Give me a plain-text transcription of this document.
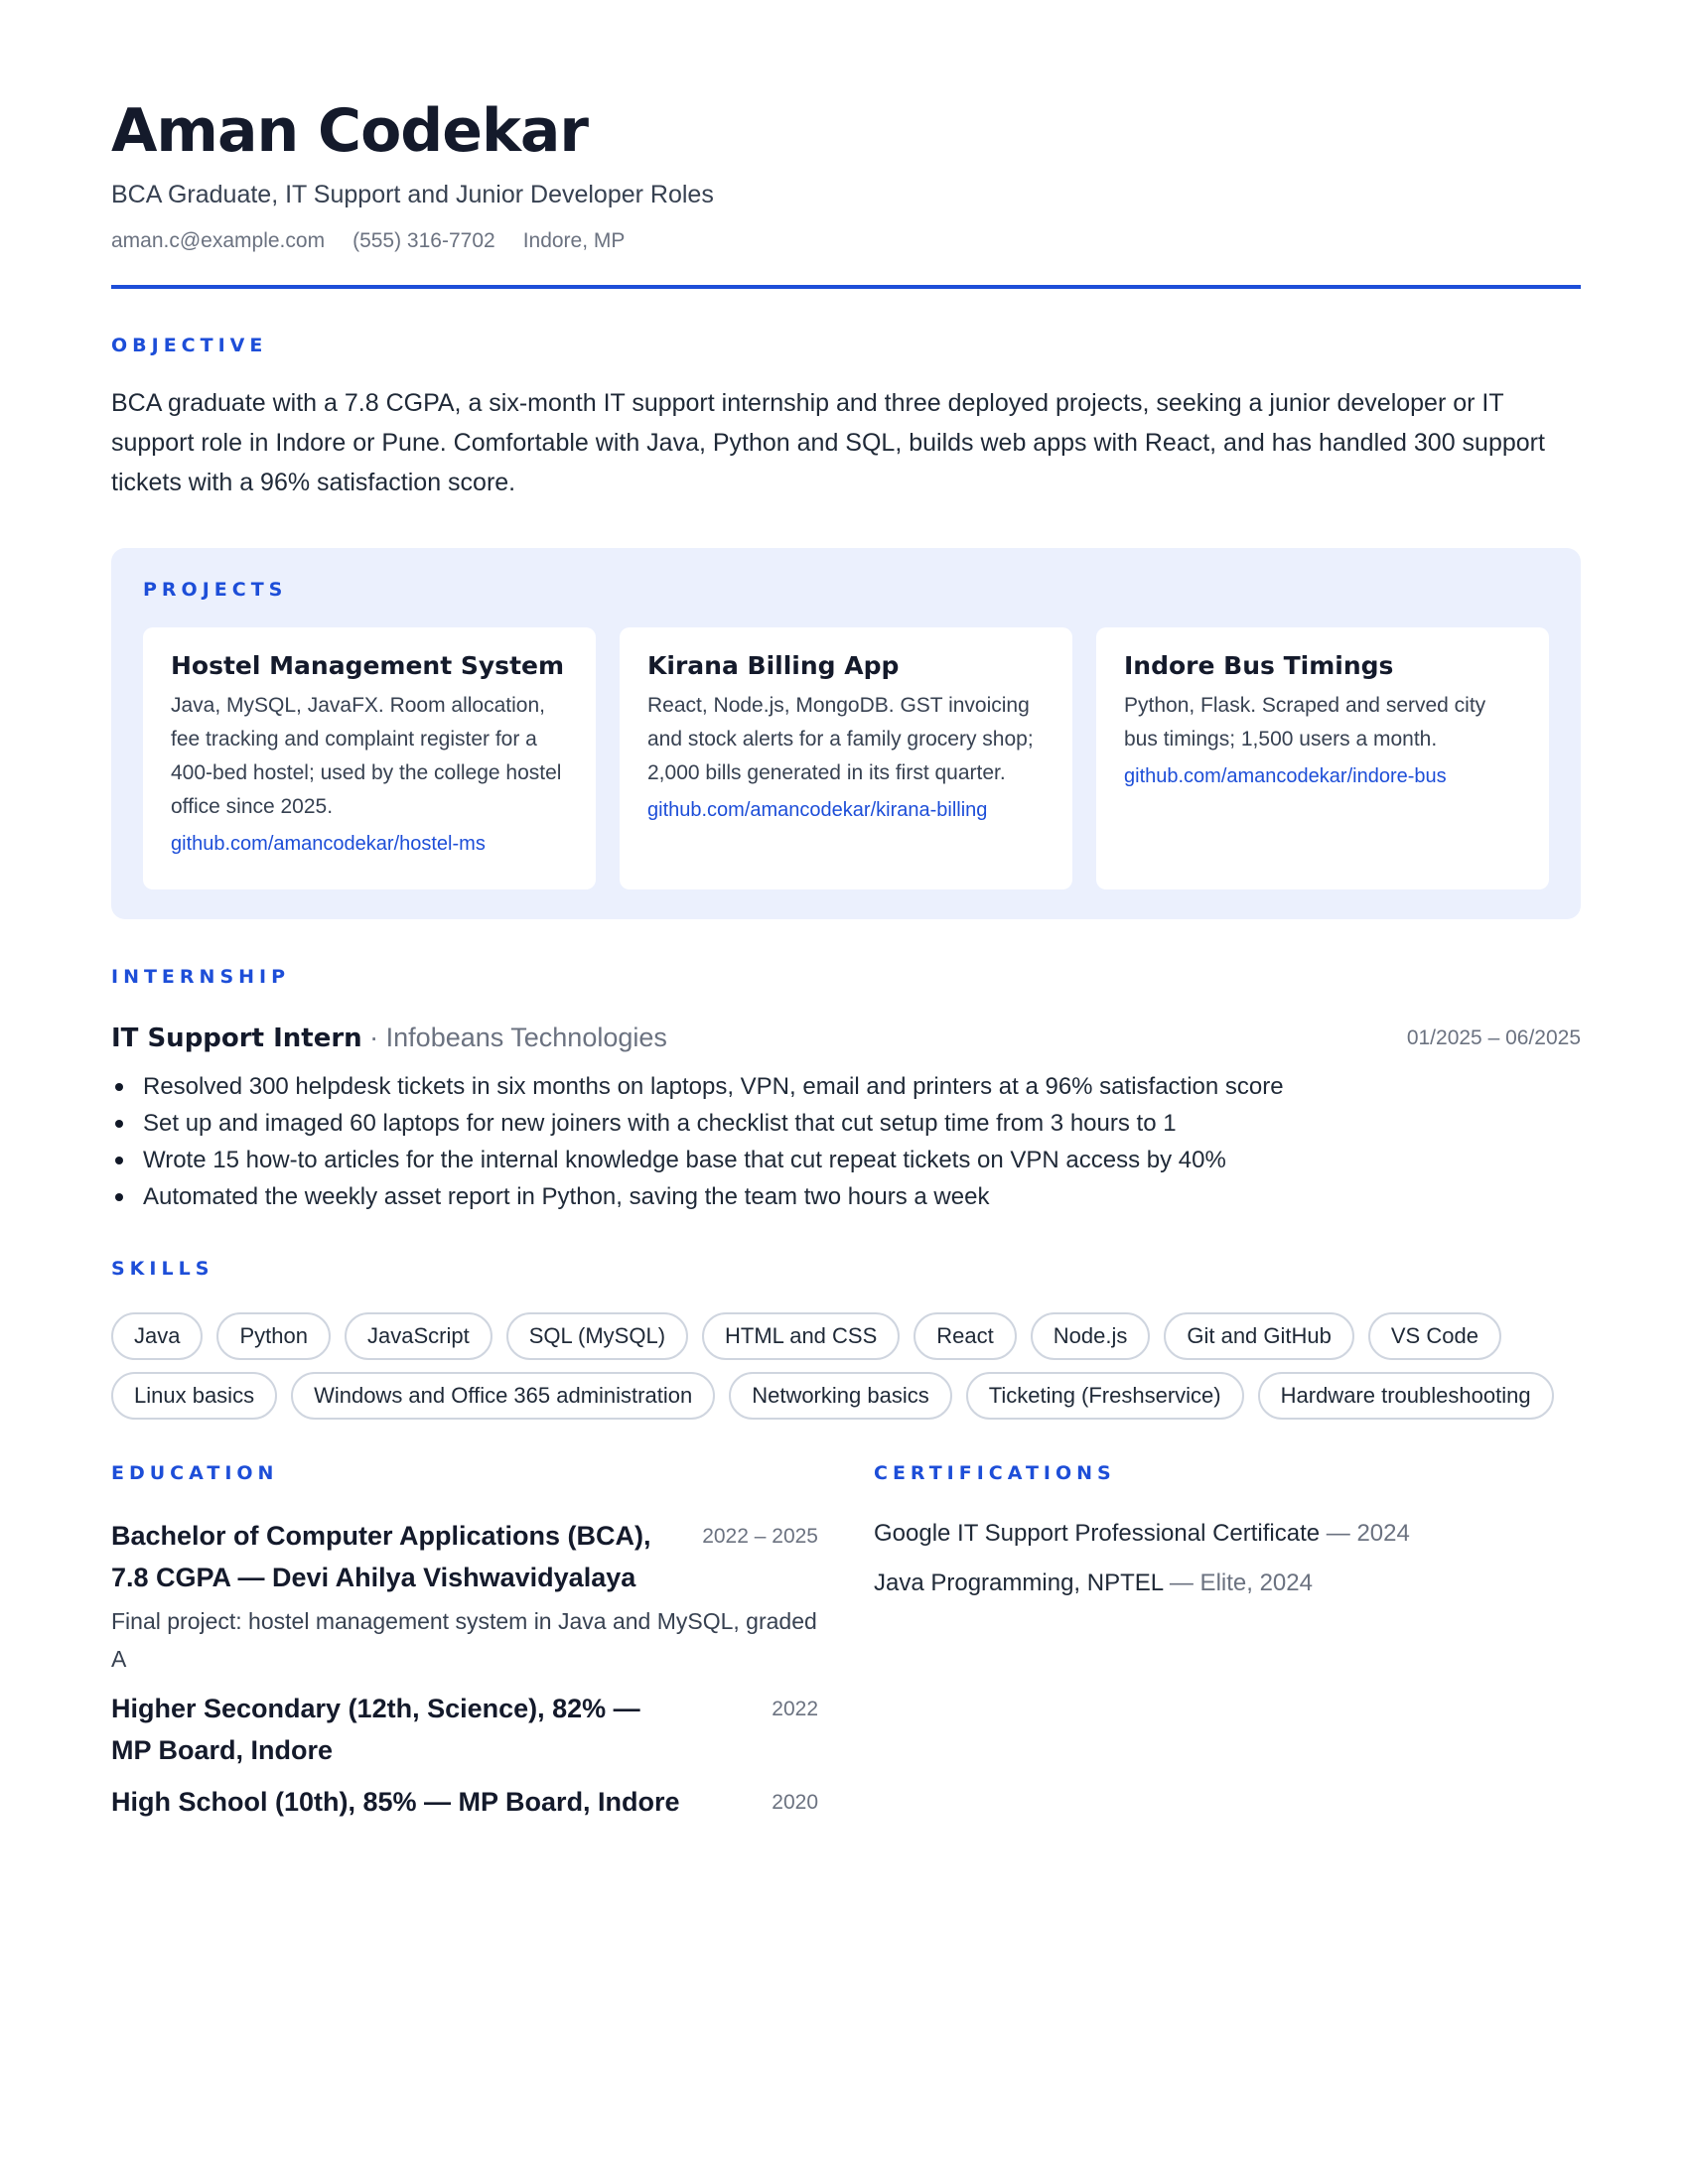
Aman Codekar
BCA Graduate, IT Support and Junior Developer Roles
aman.c@example.com (555) 316-7702 Indore, MP
OBJECTIVE

BCA graduate with a 7.8 CGPA, a six-month IT support internship and three deployed projects, seeking a junior developer or IT support role in Indore or Pune. Comfortable with Java, Python and SQL, builds web apps with React, and has handled 300 support tickets with a 96% satisfaction score.

PROJECTS
Hostel Management System
Java, MySQL, JavaFX. Room allocation, fee tracking and complaint register for a 400-bed hostel; used by the college hostel office since 2025.
github.com/amancodekar/hostel-ms
Kirana Billing App
React, Node.js, MongoDB. GST invoicing and stock alerts for a family grocery shop; 2,000 bills generated in its first quarter.
github.com/amancodekar/kirana-billing
Indore Bus Timings
Python, Flask. Scraped and served city bus timings; 1,500 users a month.
github.com/amancodekar/indore-bus
INTERNSHIP
IT Support Intern · Infobeans Technologies	01/2025 – 06/2025
Resolved 300 helpdesk tickets in six months on laptops, VPN, email and printers at a 96% satisfaction score
Set up and imaged 60 laptops for new joiners with a checklist that cut setup time from 3 hours to 1
Wrote 15 how-to articles for the internal knowledge base that cut repeat tickets on VPN access by 40%
Automated the weekly asset report in Python, saving the team two hours a week
SKILLS
Java	Python	JavaScript	SQL (MySQL)	HTML and CSS	React	Node.js	Git and GitHub	VS Code
Linux basics	Windows and Office 365 administration	Networking basics	Ticketing (Freshservice)	Hardware troubleshooting
EDUCATION
Bachelor of Computer Applications (BCA), 7.8 CGPA — Devi Ahilya Vishwavidyalaya
2022 – 2025
Final project: hostel management system in Java and MySQL, graded A
Higher Secondary (12th, Science), 82% — MP Board, Indore
2022
High School (10th), 85% — MP Board, Indore	2020
CERTIFICATIONS
Google IT Support Professional Certificate — 2024
Java Programming, NPTEL — Elite, 2024
